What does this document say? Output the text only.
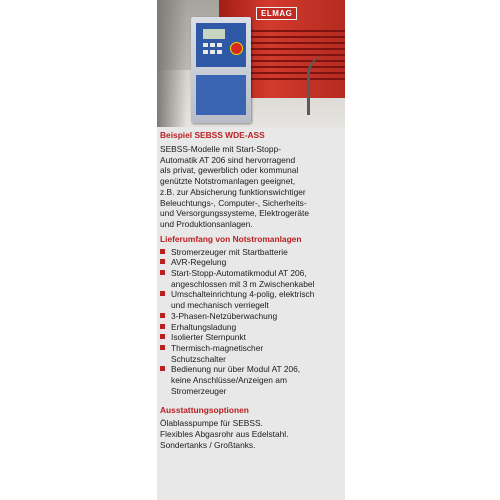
ELMAG
Beispiel SEBSS WDE-ASS
SEBSS-Modelle mit Start-Stopp-
Automatik AT 206 sind hervorragend
als privat, gewerblich oder kommunal
genützte Notstromanlagen geeignet,
z.B. zur Absicherung funktionswichtiger
Beleuchtungs-, Computer-, Sicherheits-
und Versorgungssysteme, Elektrogeräte
und Produktionsanlagen.
Lieferumfang von Notstromanlagen
Stromerzeuger mit Startbatterie
AVR-Regelung
Start-Stopp-Automatikmodul AT 206,
angeschlossen mit 3 m Zwischenkabel
Umschalteinrichtung 4-polig, elektrisch
und mechanisch verriegelt
3-Phasen-Netzüberwachung
Erhaltungsladung
Isolierter Sternpunkt
Thermisch-magnetischer
Schutzschalter
Bedienung nur über Modul AT 206,
keine Anschlüsse/Anzeigen am
Stromerzeuger
Ausstattungsoptionen
Ölablasspumpe für SEBSS.
Flexibles Abgasrohr aus Edelstahl.
Sondertanks / Großtanks.
